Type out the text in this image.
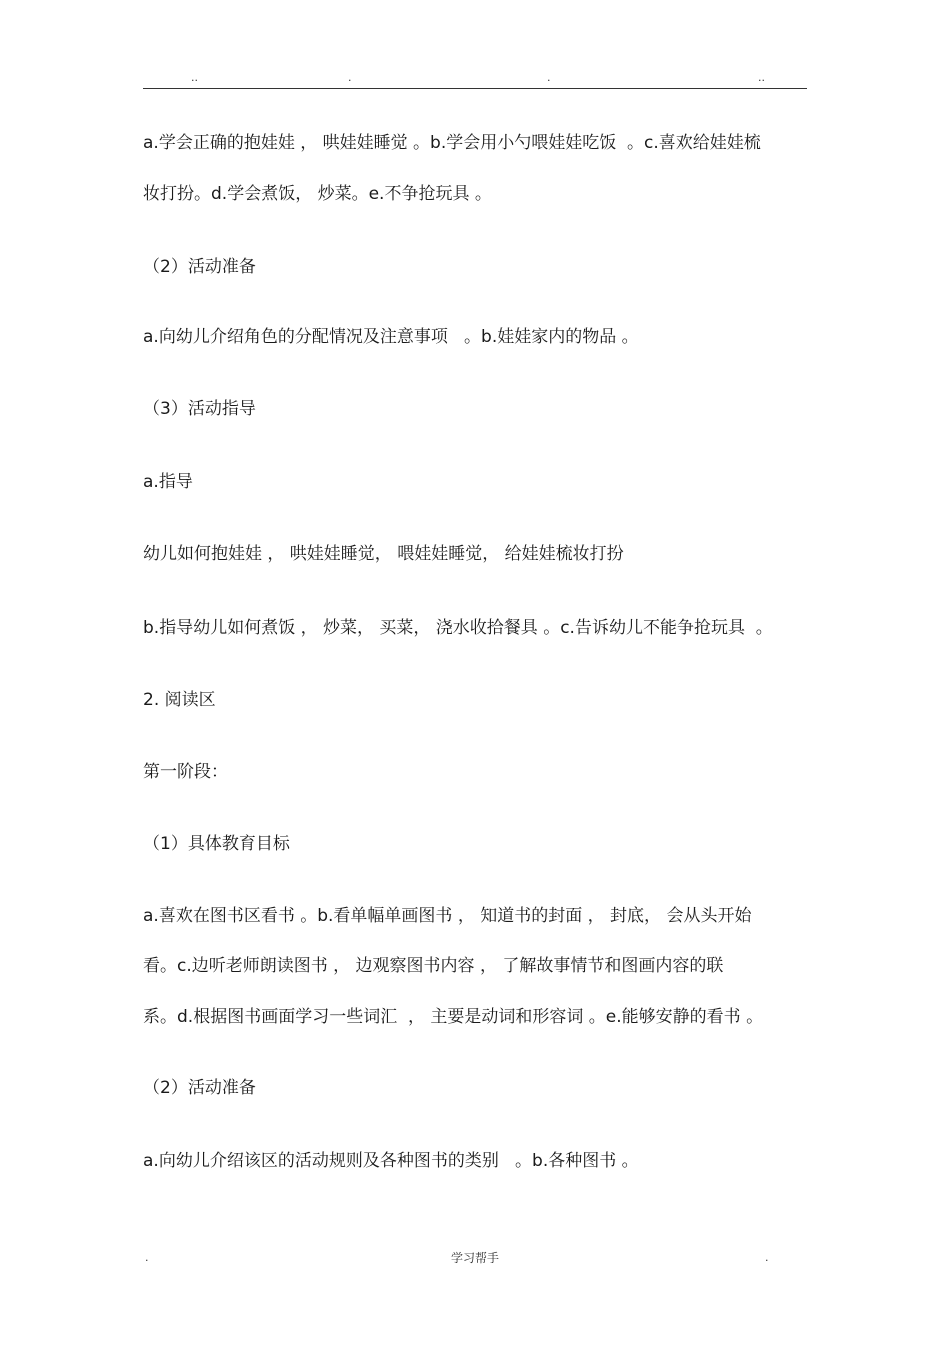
..	.	.	..
a.学会正确的抱娃娃 ， 哄娃娃睡觉 。b.学会用小勺喂娃娃吃饭  。c.喜欢给娃娃梳
妆打扮。d.学会煮饭， 炒菜。e.不争抢玩具 。
（2）活动准备
a.向幼儿介绍角色的分配情况及注意事项   。b.娃娃家内的物品 。
（3）活动指导
a.指导
幼儿如何抱娃娃 ， 哄娃娃睡觉， 喂娃娃睡觉， 给娃娃梳妆打扮
b.指导幼儿如何煮饭 ， 炒菜， 买菜， 浇水收拾餐具 。c.告诉幼儿不能争抢玩具  。
2. 阅读区
第一阶段：
（1）具体教育目标
a.喜欢在图书区看书 。b.看单幅单画图书 ， 知道书的封面 ， 封底， 会从头开始
看。c.边听老师朗读图书 ， 边观察图书内容 ， 了解故事情节和图画内容的联
系。d.根据图书画面学习一些词汇  ， 主要是动词和形容词 。e.能够安静的看书 。
（2）活动准备
a.向幼儿介绍该区的活动规则及各种图书的类别   。b.各种图书 。
.	学习帮手	.
